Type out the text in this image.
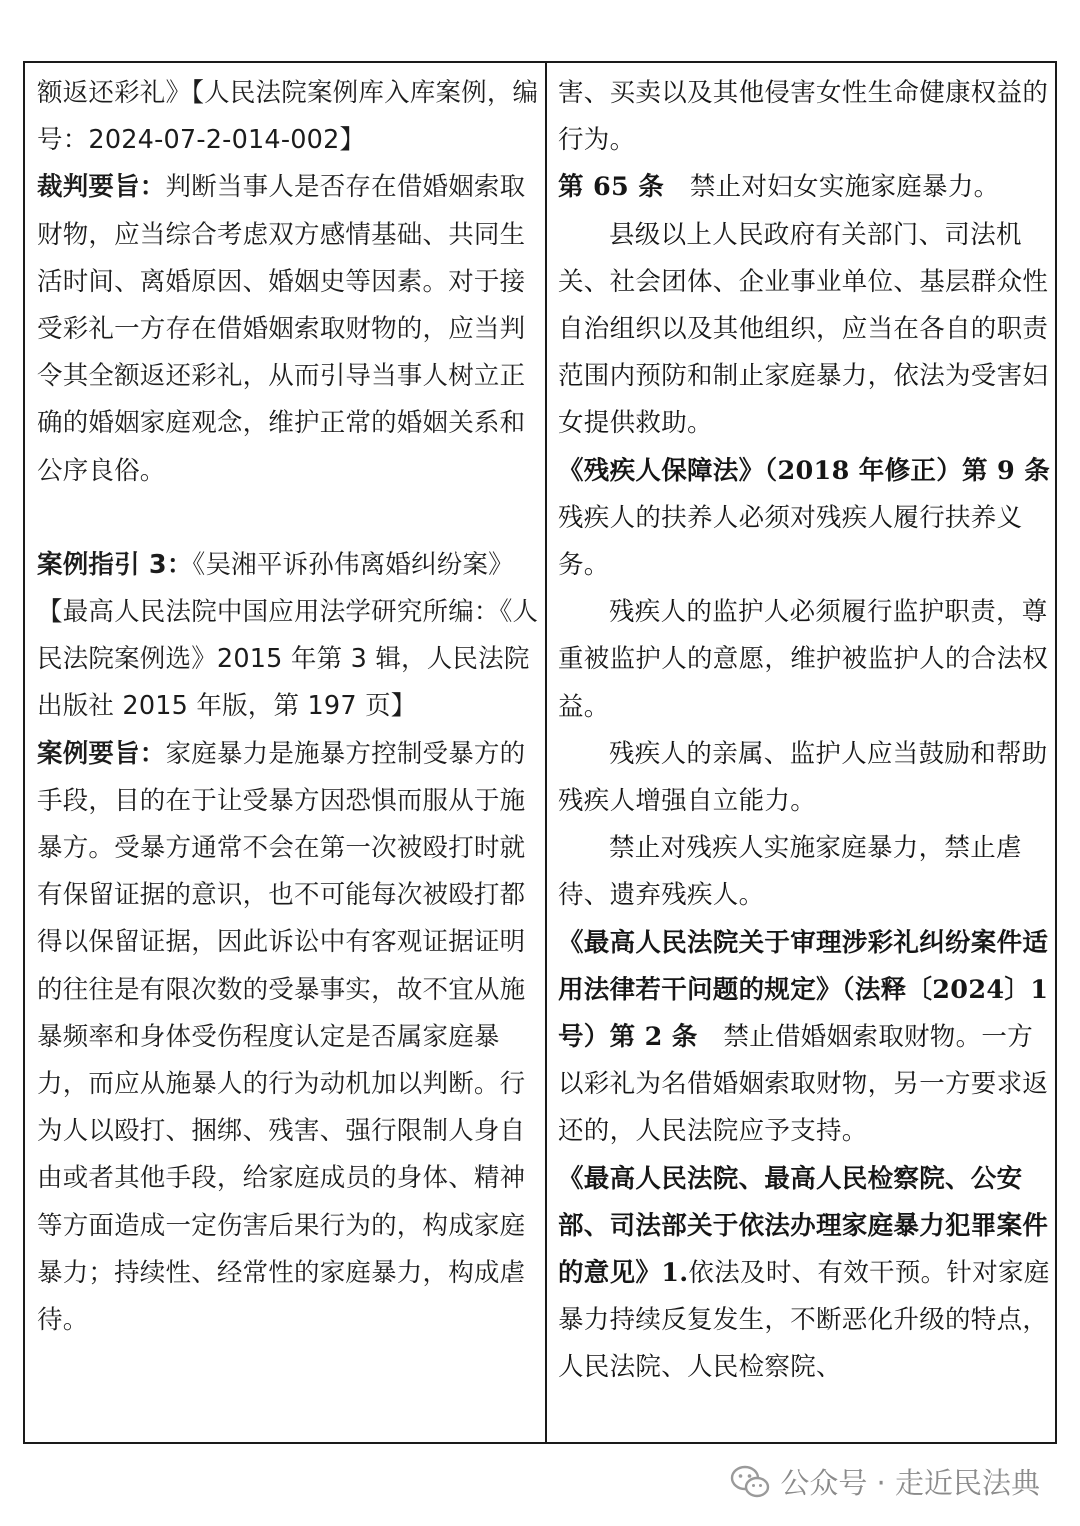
额返还彩礼》【人民法院案例库入库案例，编号：2024-07-2-014-002】

裁判要旨：判断当事人是否存在借婚姻索取财物，应当综合考虑双方感情基础、共同生活时间、离婚原因、婚姻史等因素。对于接受彩礼一方存在借婚姻索取财物的，应当判令其全额返还彩礼，从而引导当事人树立正确的婚姻家庭观念，维护正常的婚姻关系和公序良俗。

案例指引 3：《吴湘平诉孙伟离婚纠纷案》【最高人民法院中国应用法学研究所编：《人民法院案例选》2015 年第 3 辑，人民法院出版社 2015 年版，第 197 页】

案例要旨：家庭暴力是施暴方控制受暴方的手段，目的在于让受暴方因恐惧而服从于施暴方。受暴方通常不会在第一次被殴打时就有保留证据的意识，也不可能每次被殴打都得以保留证据，因此诉讼中有客观证据证明的往往是有限次数的受暴事实，故不宜从施暴频率和身体受伤程度认定是否属家庭暴力，而应从施暴人的行为动机加以判断。行为人以殴打、捆绑、残害、强行限制人身自由或者其他手段，给家庭成员的身体、精神等方面造成一定伤害后果行为的，构成家庭暴力；持续性、经常性的家庭暴力，构成虐待。

害、买卖以及其他侵害女性生命健康权益的行为。

第 65 条　禁止对妇女实施家庭暴力。

县级以上人民政府有关部门、司法机关、社会团体、企业事业单位、基层群众性自治组织以及其他组织，应当在各自的职责范围内预防和制止家庭暴力，依法为受害妇女提供救助。

《残疾人保障法》（2018 年修正）第 9 条　残疾人的扶养人必须对残疾人履行扶养义务。

残疾人的监护人必须履行监护职责，尊重被监护人的意愿，维护被监护人的合法权益。

残疾人的亲属、监护人应当鼓励和帮助残疾人增强自立能力。

禁止对残疾人实施家庭暴力，禁止虐待、遗弃残疾人。

《最高人民法院关于审理涉彩礼纠纷案件适用法律若干问题的规定》（法释〔2024〕1 号）第 2 条　禁止借婚姻索取财物。一方以彩礼为名借婚姻索取财物，另一方要求返还的，人民法院应予支持。

《最高人民法院、最高人民检察院、公安部、司法部关于依法办理家庭暴力犯罪案件的意见》1.依法及时、有效干预。针对家庭暴力持续反复发生，不断恶化升级的特点，人民法院、人民检察院、

公众号 · 走近民法典
